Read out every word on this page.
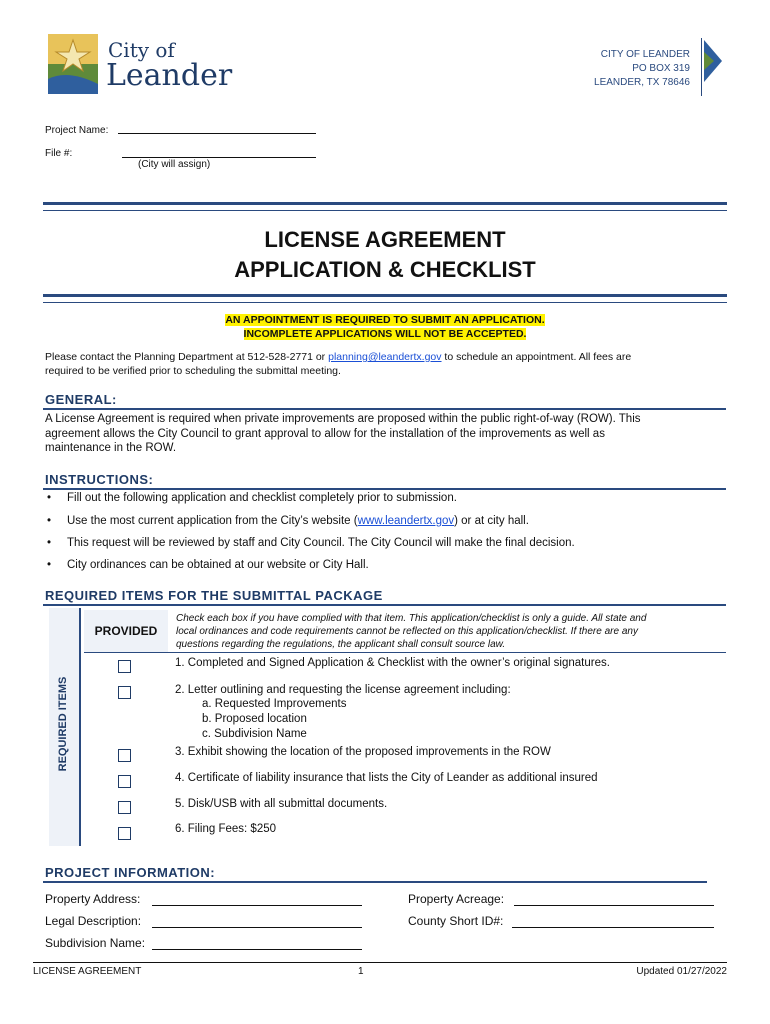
City of
Leander
CITY OF LEANDER
PO BOX 319
LEANDER, TX 78646
Project Name:
File #:
(City will assign)
LICENSE AGREEMENT
APPLICATION & CHECKLIST
AN APPOINTMENT IS REQUIRED TO SUBMIT AN APPLICATION.
INCOMPLETE APPLICATIONS WILL NOT BE ACCEPTED.
Please contact the Planning Department at 512-528-2771 or planning@leandertx.gov to schedule an appointment. All fees are
required to be verified prior to scheduling the submittal meeting.
GENERAL:
A License Agreement is required when private improvements are proposed within the public right-of-way (ROW). This
agreement allows the City Council to grant approval to allow for the installation of the improvements as well as
maintenance in the ROW.
INSTRUCTIONS:
• Fill out the following application and checklist completely prior to submission.
• Use the most current application from the City’s website (www.leandertx.gov) or at city hall.
• This request will be reviewed by staff and City Council. The City Council will make the final decision.
• City ordinances can be obtained at our website or City Hall.
REQUIRED ITEMS FOR THE SUBMITTAL PACKAGE
REQUIRED ITEMS
PROVIDED
Check each box if you have complied with that item. This application/checklist is only a guide. All state and
local ordinances and code requirements cannot be reflected on this application/checklist. If there are any
questions regarding the regulations, the applicant shall consult source law.
1. Completed and Signed Application & Checklist with the owner’s original signatures.
2. Letter outlining and requesting the license agreement including:
a. Requested Improvements
b. Proposed location
c. Subdivision Name
3. Exhibit showing the location of the proposed improvements in the ROW
4. Certificate of liability insurance that lists the City of Leander as additional insured
5. Disk/USB with all submittal documents.
6. Filing Fees: $250
PROJECT INFORMATION:
Property Address:	Property Acreage:
Legal Description:	County Short ID#:
Subdivision Name:
LICENSE AGREEMENT	1	Updated 01/27/2022
